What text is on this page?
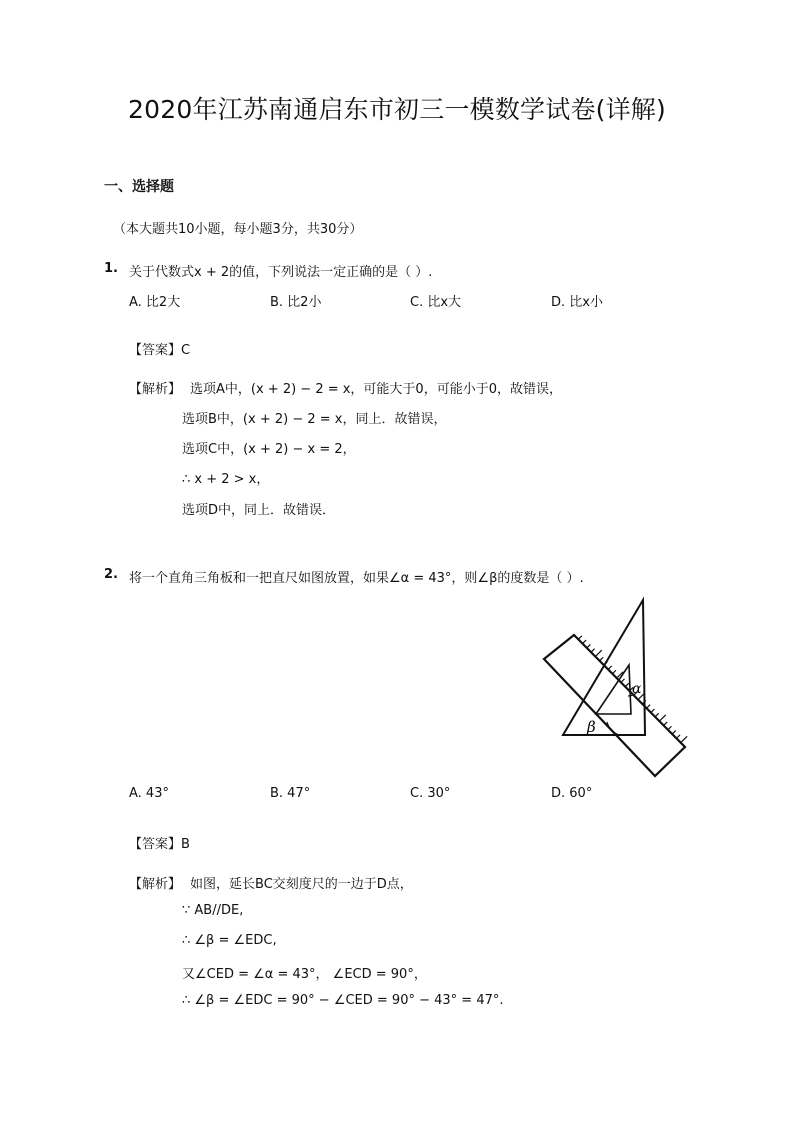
2020年江苏南通启东市初三一模数学试卷(详解)
一、选择题
（本大题共10小题，每小题3分，共30分）
1. 关于代数式x + 2的值，下列说法一定正确的是（ ）.
A. 比2大	B. 比2小	C. 比x大	D. 比x小
【答案】C
【解析】 选项A中，(x + 2) − 2 = x，可能大于0，可能小于0，故错误，
选项B中，(x + 2) − 2 = x，同上．故错误，
选项C中，(x + 2) − x = 2，
∴ x + 2 > x，
选项D中，同上．故错误．
2. 将一个直角三角板和一把直尺如图放置，如果∠α = 43°，则∠β的度数是（ ）.
α
β
A. 43°	B. 47°	C. 30°	D. 60°
【答案】B
【解析】 如图，延长BC交刻度尺的一边于D点，
∵ AB//DE,
∴ ∠β = ∠EDC,
又∠CED = ∠α = 43°， ∠ECD = 90°，
∴ ∠β = ∠EDC = 90° − ∠CED = 90° − 43° = 47°.
